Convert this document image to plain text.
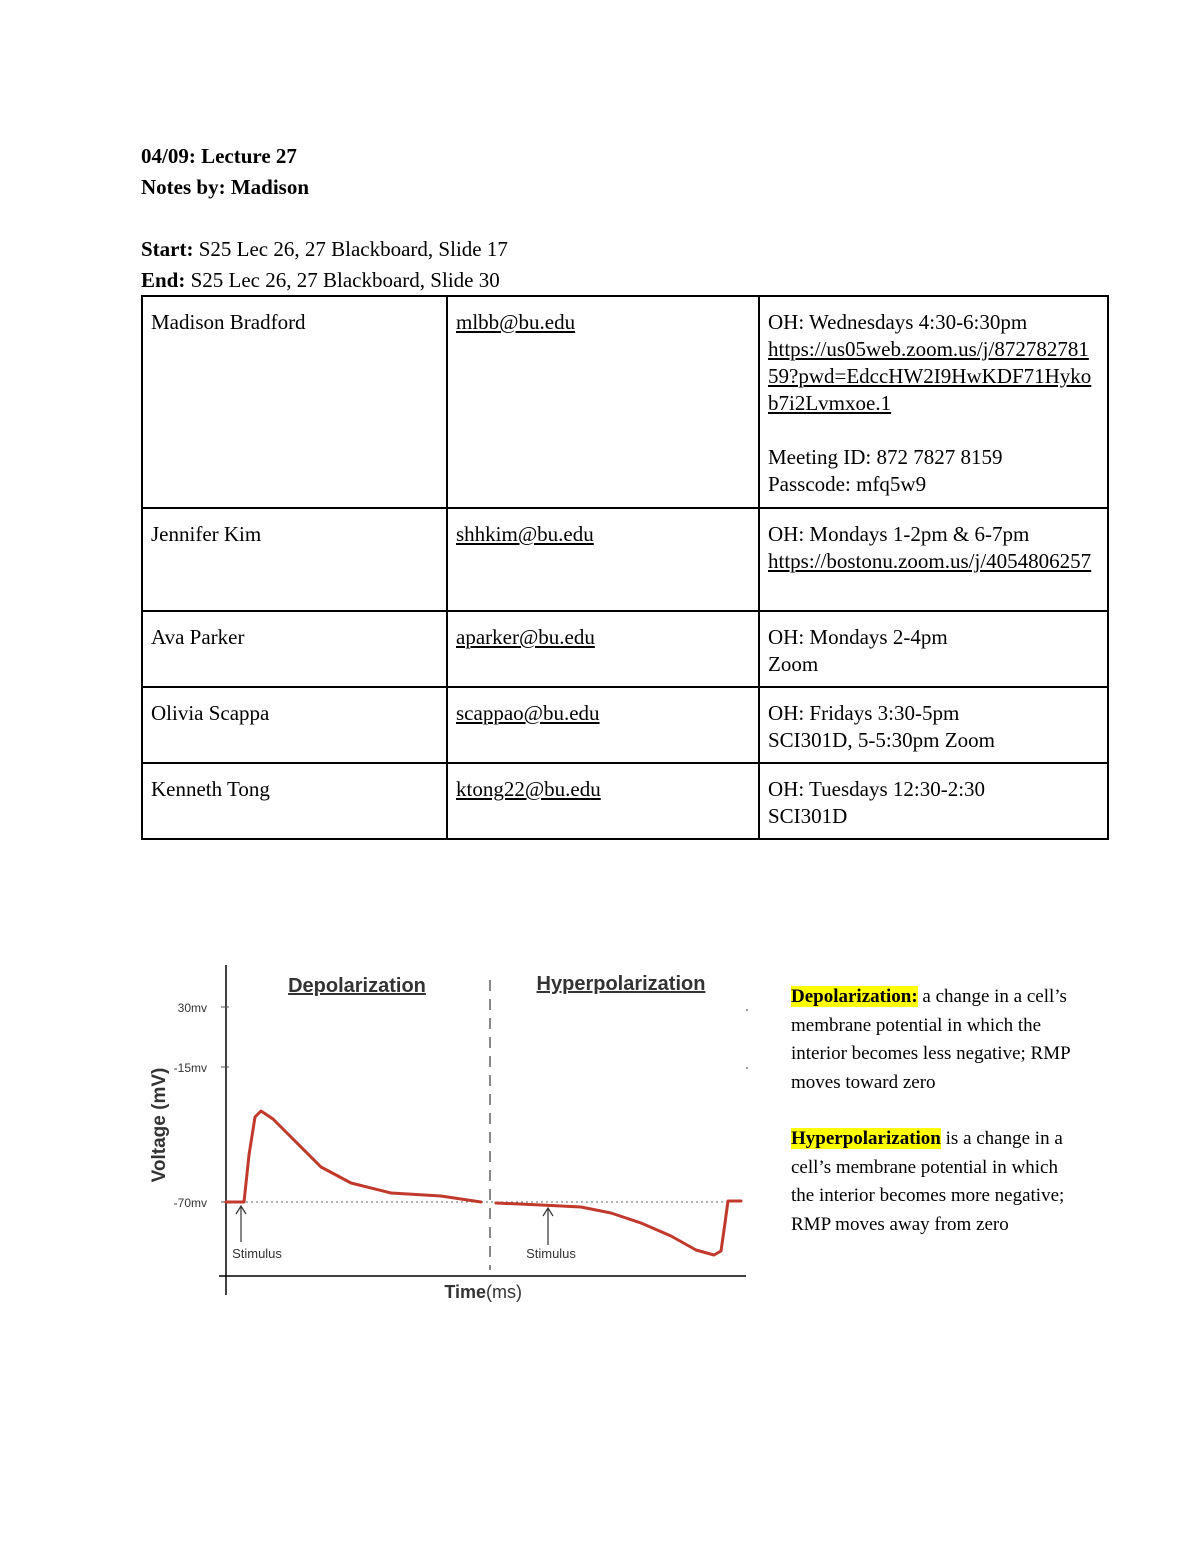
04/09: Lecture 27
Notes by: Madison
Start: S25 Lec 26, 27 Blackboard, Slide 17
End: S25 Lec 26, 27 Blackboard, Slide 30
Madison Bradford	mlbb@bu.edu	OH: Wednesdays 4:30-6:30pm
https://us05web.zoom.us/j/87278278159?pwd=EdccHW2I9HwKDF71Hykob7i2Lvmxoe.1
Meeting ID: 872 7827 8159
Passcode: mfq5w9

Jennifer Kim	shhkim@bu.edu	OH: Mondays 1-2pm & 6-7pm
https://bostonu.zoom.us/j/4054806257

Ava Parker	aparker@bu.edu	OH: Mondays 2-4pm
Zoom

Olivia Scappa	scappao@bu.edu	OH: Fridays 3:30-5pm
SCI301D, 5-5:30pm Zoom

Kenneth Tong	ktong22@bu.edu	OH: Tuesdays 12:30-2:30
SCI301D
30mv
-15mv
-70mv
Voltage (mV)
Time (ms)
Depolarization	Hyperpolarization
Stimulus	Stimulus
Depolarization: a change in a cell’s membrane potential in which the interior becomes less negative; RMP moves toward zero
Hyperpolarization is a change in a cell’s membrane potential in which the interior becomes more negative; RMP moves away from zero
